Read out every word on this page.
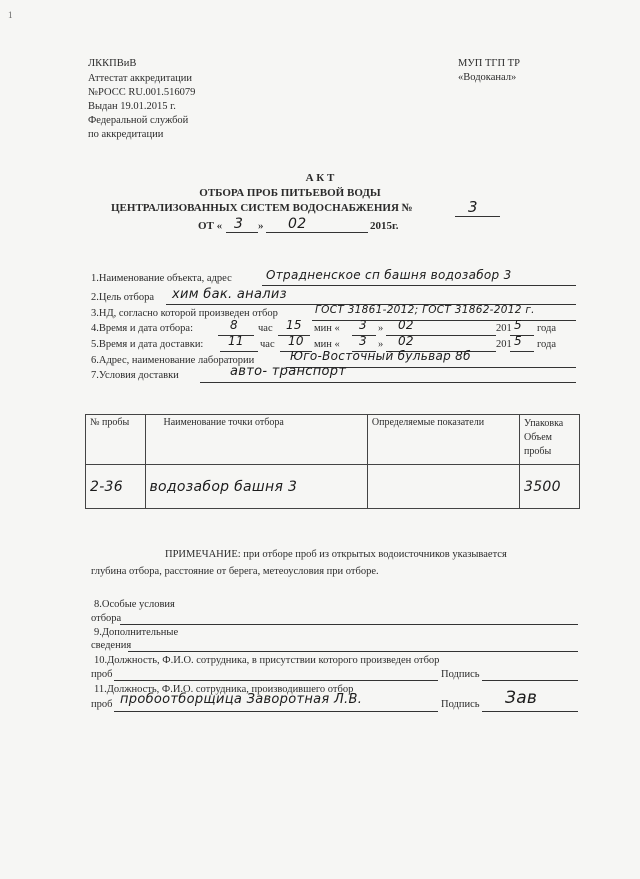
1
ЛККПВиВ
Аттестат аккредитации
№РОСС RU.001.516079
Выдан 19.01.2015 г.
Федеральной службой
по аккредитации
МУП ТГП ТР
«Водоканал»
А К Т
ОТБОРА ПРОБ ПИТЬЕВОЙ ВОДЫ
ЦЕНТРАЛИЗОВАННЫХ СИСТЕМ ВОДОСНАБЖЕНИЯ №	3
ОТ « 3 » 02	2015г.
1.Наименование объекта, адрес	Отрадненское сп башня водозабор 3
2.Цель отбора хим бак. анализ
3.НД, согласно которой произведен отбор	ГОСТ 31861-2012; ГОСТ 31862-2012 г.
4.Время и дата отбора:	8 час 15 мин « 3 » 02	201 5 года
5.Время и дата доставки: 11 час 10 мин « 3 » 02	201 5 года
6.Адрес, наименование лаборатории	Юго-Восточный бульвар 8б
7.Условия доставки	авто- транспорт
№ пробы	Наименование точки отбора	Определяемые показатели	Упаковка Объем пробы
2-36	водозабор башня 3		3500
ПРИМЕЧАНИЕ: при отборе проб из открытых водоисточников указывается
глубина отбора, расстояние от берега, метеоусловия при отборе.
8.Особые условия
отбора
9.Дополнительные
сведения
10.Должность, Ф.И.О. сотрудника, в присутствии которого произведен отбор
проб	Подпись
11.Должность, Ф.И.О. сотрудника, производившего отбор
проб пробоотборщица Заворотная Л.В.	Подпись Зав
